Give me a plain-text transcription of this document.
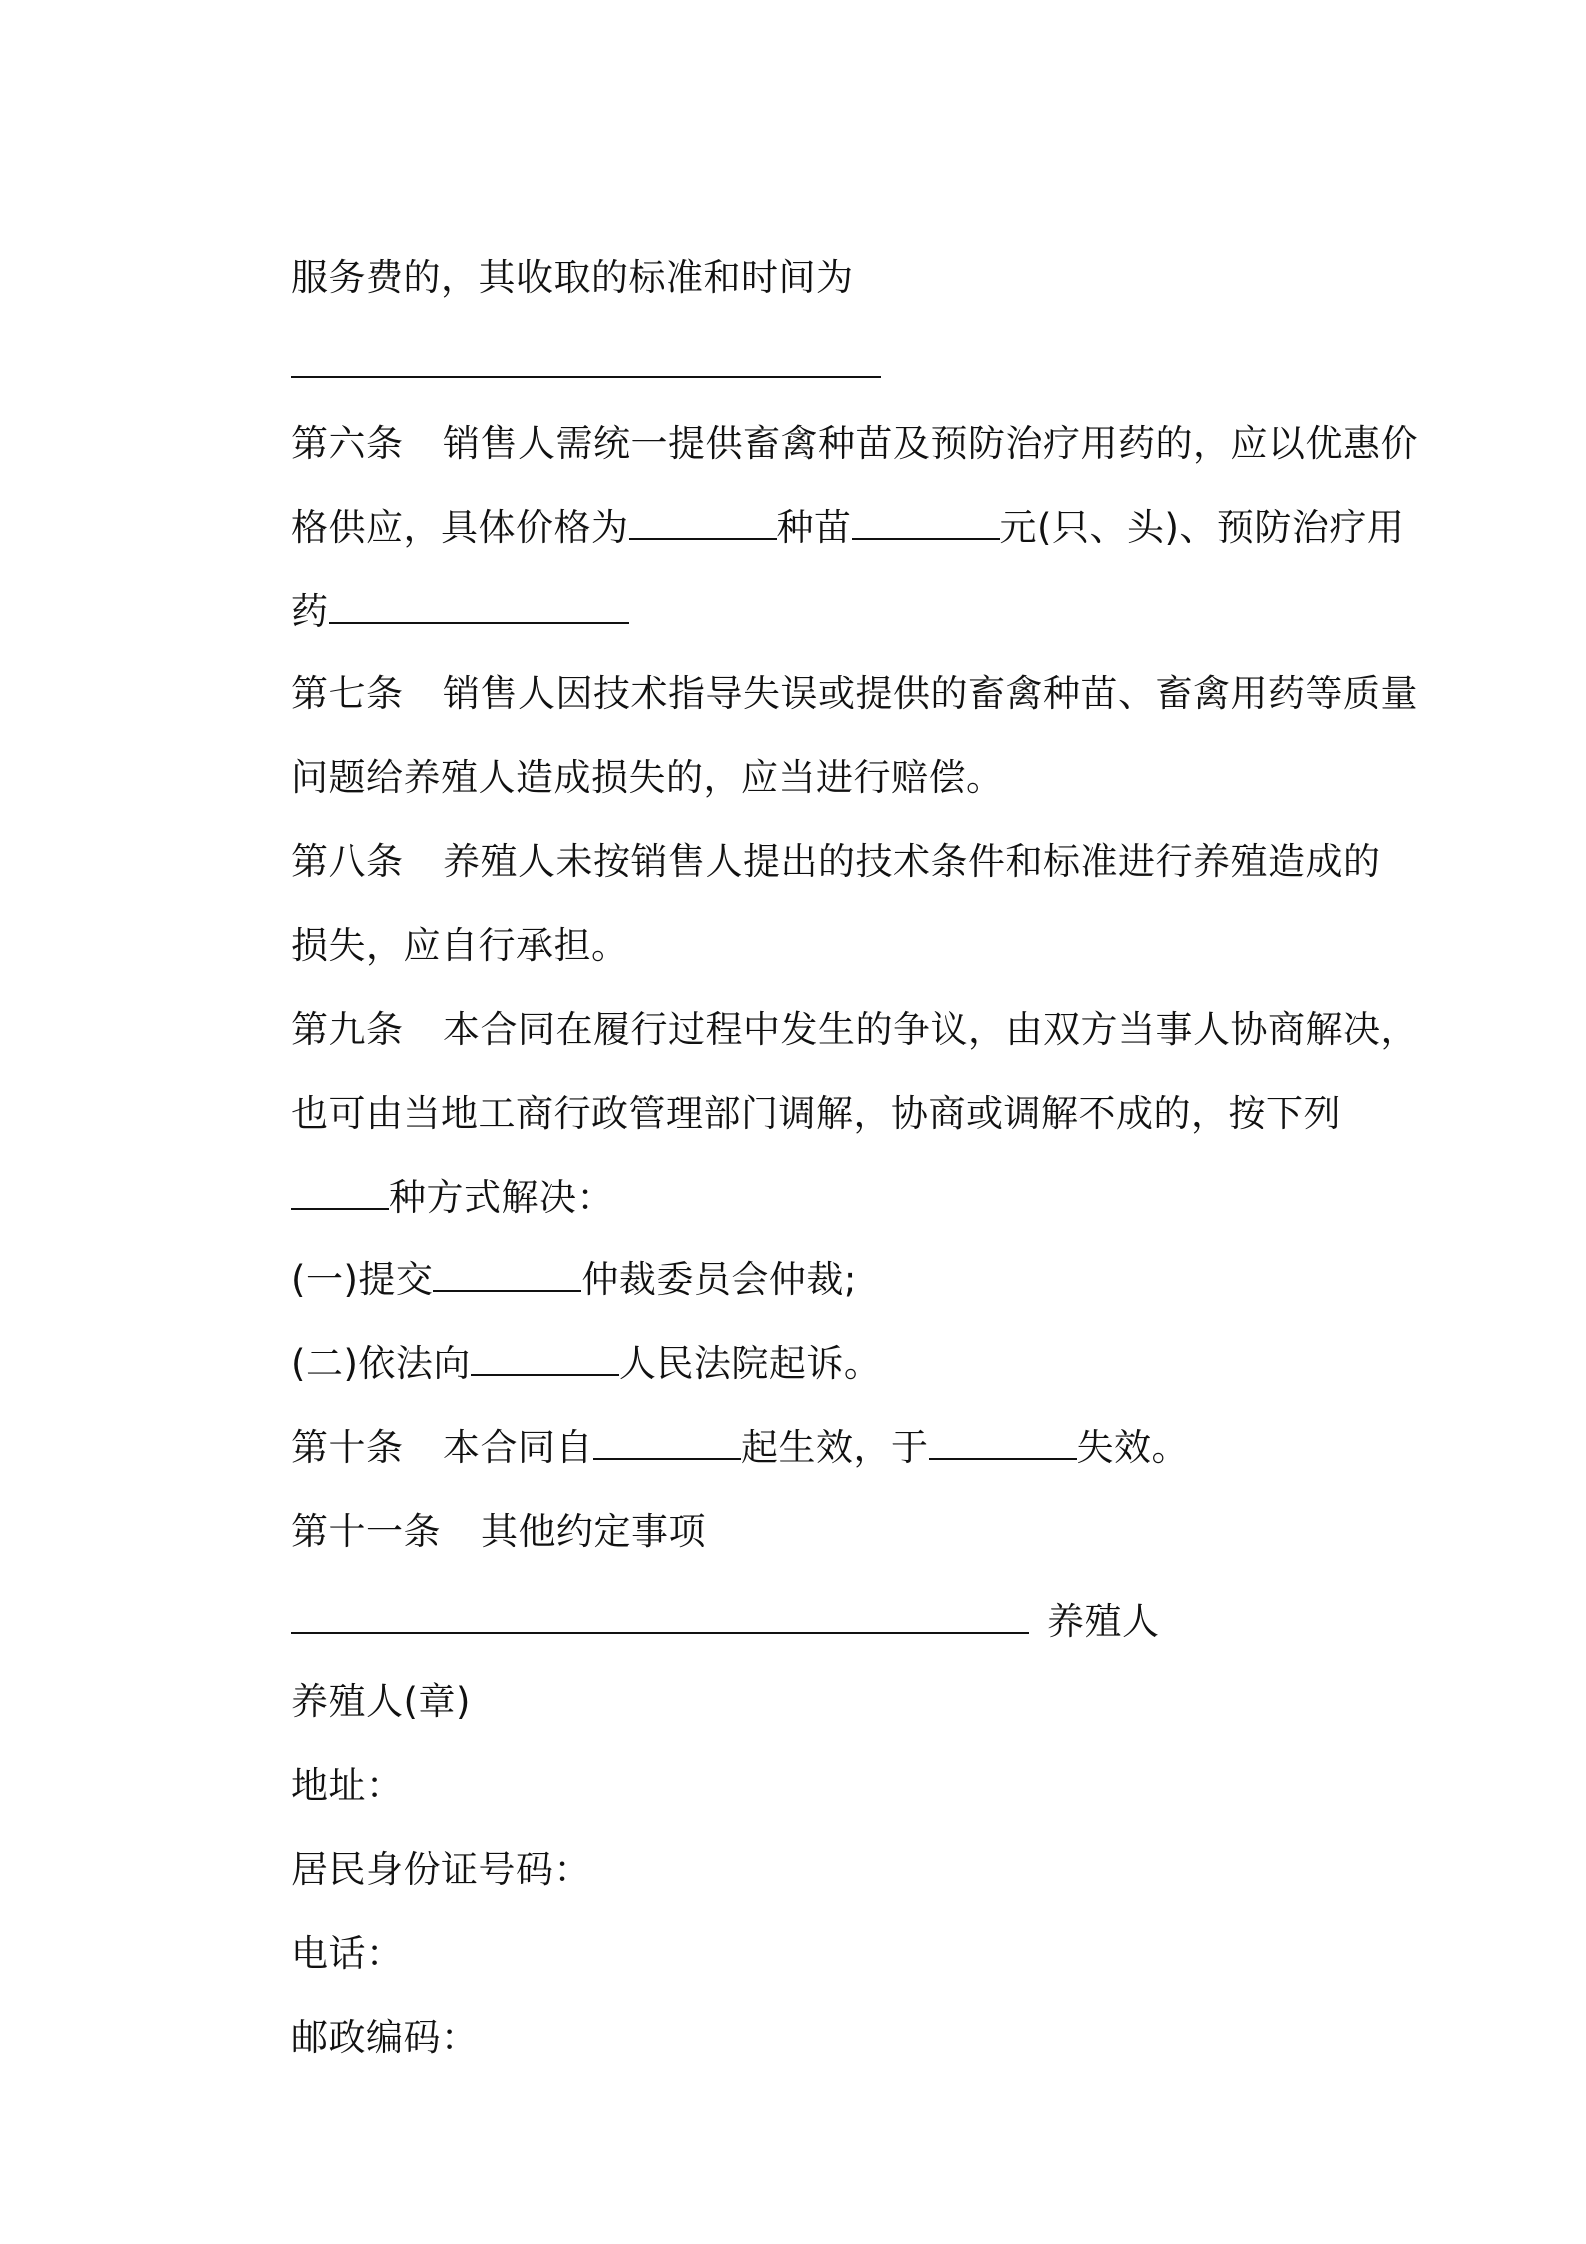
服务费的，其收取的标准和时间为

第六条 销售人需统一提供畜禽种苗及预防治疗用药的，应以优惠价

格供应，具体价格为	种苗	元(只、头)、预防治疗用

药

第七条 销售人因技术指导失误或提供的畜禽种苗、畜禽用药等质量

问题给养殖人造成损失的，应当进行赔偿。

第八条 养殖人未按销售人提出的技术条件和标准进行养殖造成的

损失，应自行承担。

第九条 本合同在履行过程中发生的争议，由双方当事人协商解决，

也可由当地工商行政管理部门调解，协商或调解不成的，按下列

种方式解决：

(一)提交	仲裁委员会仲裁;

(二)依法向	人民法院起诉。

第十条 本合同自	起生效，于	失效。

第十一条 其他约定事项

养殖人

养殖人(章)

地址：

居民身份证号码：

电话：

邮政编码：
